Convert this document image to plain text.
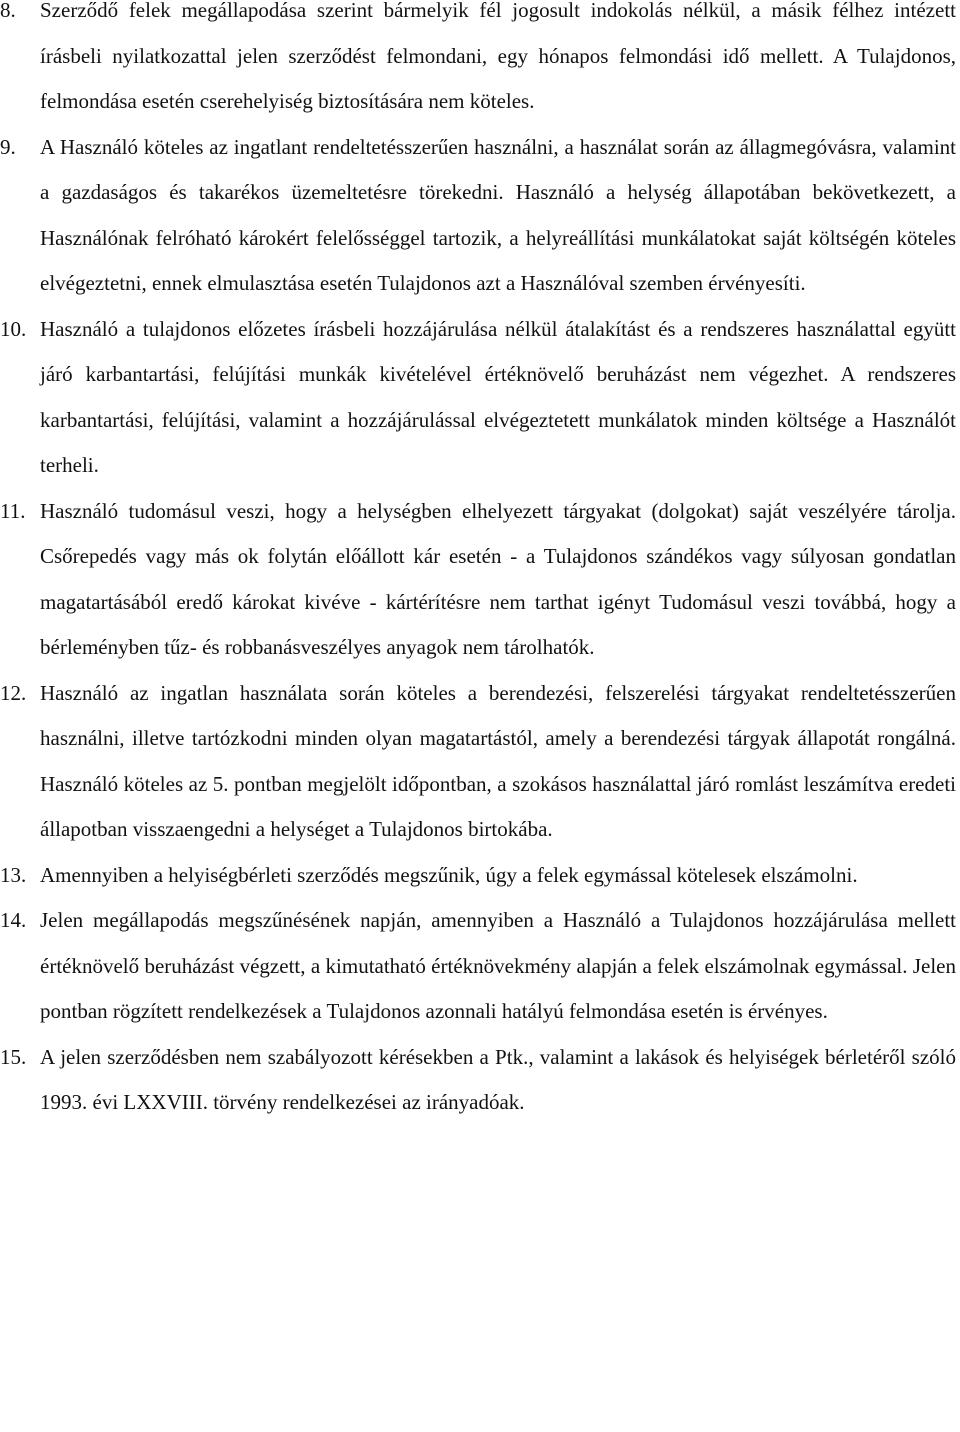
8.	Szerződő felek megállapodása szerint bármelyik fél jogosult indokolás nélkül, a másik félhez intézett írásbeli nyilatkozattal jelen szerződést felmondani, egy hónapos felmondási idő mellett. A Tulajdonos, felmondása esetén cserehelyiség biztosítására nem köteles.
9.	A Használó köteles az ingatlant rendeltetésszerűen használni, a használat során az állagmegóvásra, valamint a gazdaságos és takarékos üzemeltetésre törekedni. Használó a helység állapotában bekövetkezett, a Használónak felróható károkért felelősséggel tartozik, a helyreállítási munkálatokat saját költségén köteles elvégeztetni, ennek elmulasztása esetén Tulajdonos azt a Használóval szemben érvényesíti.
10. Használó a tulajdonos előzetes írásbeli hozzájárulása nélkül átalakítást és a rendszeres használattal együtt járó karbantartási, felújítási munkák kivételével értéknövelő beruházást nem végezhet. A rendszeres karbantartási, felújítási, valamint a hozzájárulással elvégeztetett munkálatok minden költsége a Használót terheli.
11. Használó tudomásul veszi, hogy a helységben elhelyezett tárgyakat (dolgokat) saját veszélyére tárolja. Csőrepedés vagy más ok folytán előállott kár esetén - a Tulajdonos szándékos vagy súlyosan gondatlan magatartásából eredő károkat kivéve - kártérítésre nem tarthat igényt Tudomásul veszi továbbá, hogy a bérleményben tűz- és robbanásveszélyes anyagok nem tárolhatók.
12. Használó az ingatlan használata során köteles a berendezési, felszerelési tárgyakat rendeltetésszerűen használni, illetve tartózkodni minden olyan magatartástól, amely a berendezési tárgyak állapotát rongálná. Használó köteles az 5. pontban megjelölt időpontban, a szokásos használattal járó romlást leszámítva eredeti állapotban visszaengedni a helységet a Tulajdonos birtokába.
13. Amennyiben a helyiségbérleti szerződés megszűnik, úgy a felek egymással kötelesek elszámolni.
14. Jelen megállapodás megszűnésének napján, amennyiben a Használó a Tulajdonos hozzájárulása mellett értéknövelő beruházást végzett, a kimutatható értéknövekmény alapján a felek elszámolnak egymással. Jelen pontban rögzített rendelkezések a Tulajdonos azonnali hatályú felmondása esetén is érvényes.
15. A jelen szerződésben nem szabályozott kérésekben a Ptk., valamint a lakások és helyiségek bérletéről szóló 1993. évi LXXVIII. törvény rendelkezései az irányadóak.
